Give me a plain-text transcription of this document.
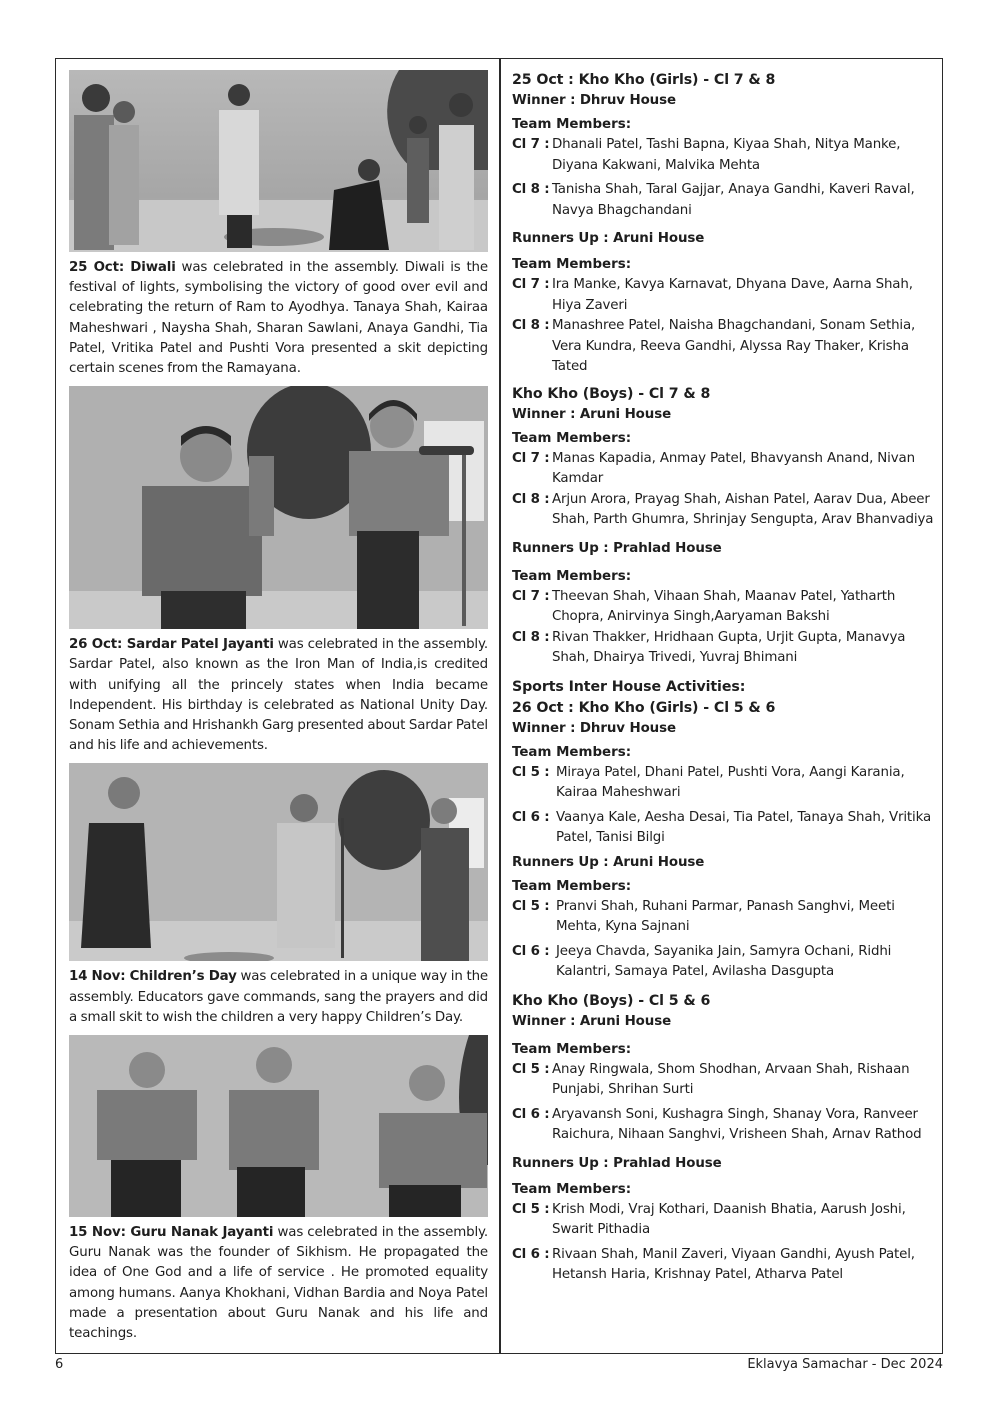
25 Oct: Diwali was celebrated in the assembly. Diwali is the festival of lights, symbolising the victory of good over evil and celebrating the return of Ram to Ayodhya. Tanaya Shah, Kairaa Maheshwari , Naysha Shah, Sharan Sawlani, Anaya Gandhi, Tia Patel, Vritika Patel and Pushti Vora presented a skit depicting certain scenes from the Ramayana.

26 Oct: Sardar Patel Jayanti was celebrated in the assembly. Sardar Patel, also known as the Iron Man of India,is credited with unifying all the princely states when India became Independent. His birthday is celebrated as National Unity Day. Sonam Sethia and Hrishankh Garg presented about Sardar Patel and his life and achievements.

14 Nov: Children’s Day was celebrated in a unique way in the assembly. Educators gave commands, sang the prayers and did a small skit to wish the children a very happy Children’s Day.

15 Nov: Guru Nanak Jayanti was celebrated in the assembly. Guru Nanak was the founder of Sikhism. He propagated the idea of One God and a life of service . He promoted equality among humans. Aanya Khokhani, Vidhan Bardia and Noya Patel made a presentation about Guru Nanak and his life and teachings.

25 Oct : Kho Kho (Girls) - Cl 7 & 8

Winner : Dhruv House

Team Members:

Cl 7 :
Dhanali Patel, Tashi Bapna, Kiyaa Shah, Nitya Manke, Diyana Kakwani, Malvika Mehta
Cl 8 :
Tanisha Shah, Taral Gajjar, Anaya Gandhi, Kaveri Raval, Navya Bhagchandani

Runners Up : Aruni House

Team Members:

Cl 7 :
Ira Manke, Kavya Karnavat, Dhyana Dave, Aarna Shah, Hiya Zaveri
Cl 8 :
Manashree Patel, Naisha Bhagchandani, Sonam Sethia, Vera Kundra, Reeva Gandhi, Alyssa Ray Thaker, Krisha Tated

Kho Kho (Boys) - Cl 7 & 8

Winner : Aruni House

Team Members:

Cl 7 :
Manas Kapadia, Anmay Patel, Bhavyansh Anand, Nivan Kamdar
Cl 8 :
Arjun Arora, Prayag Shah, Aishan Patel, Aarav Dua, Abeer Shah, Parth Ghumra, Shrinjay Sengupta, Arav Bhanvadiya

Runners Up : Prahlad House

Team Members:

Cl 7 :
Theevan Shah, Vihaan Shah, Maanav Patel, Yatharth Chopra, Anirvinya Singh,Aaryaman Bakshi
Cl 8 :
Rivan Thakker, Hridhaan Gupta, Urjit Gupta, Manavya Shah, Dhairya Trivedi, Yuvraj Bhimani

Sports Inter House Activities:

26 Oct : Kho Kho (Girls) - Cl 5 & 6

Winner : Dhruv House

Team Members:

Cl 5 : Miraya Patel, Dhani Patel, Pushti Vora, Aangi Karania, Kairaa Maheshwari
Cl 6 : Vaanya Kale, Aesha Desai, Tia Patel, Tanaya Shah, Vritika Patel, Tanisi Bilgi

Runners Up : Aruni House

Team Members:

Cl 5 : Pranvi Shah, Ruhani Parmar, Panash Sanghvi, Meeti Mehta, Kyna Sajnani
Cl 6 : Jeeya Chavda, Sayanika Jain, Samyra Ochani, Ridhi Kalantri, Samaya Patel, Avilasha Dasgupta

Kho Kho (Boys) - Cl 5 & 6

Winner : Aruni House

Team Members:

Cl 5 :
Anay Ringwala, Shom Shodhan, Arvaan Shah, Rishaan Punjabi, Shrihan Surti
Cl 6 :
Aryavansh Soni, Kushagra Singh, Shanay Vora, Ranveer Raichura, Nihaan Sanghvi, Vrisheen Shah, Arnav Rathod

Runners Up : Prahlad House

Team Members:

Cl 5 :
Krish Modi, Vraj Kothari, Daanish Bhatia, Aarush Joshi, Swarit Pithadia
Cl 6 :
Rivaan Shah, Manil Zaveri, Viyaan Gandhi, Ayush Patel, Hetansh Haria, Krishnay Patel, Atharva Patel
6	Eklavya Samachar - Dec 2024
